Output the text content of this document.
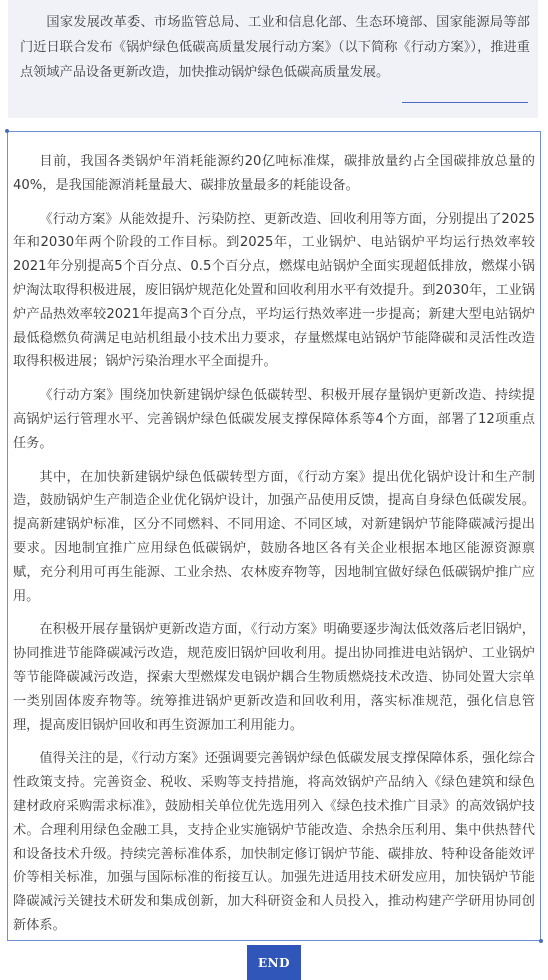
国家发展改革委、市场监管总局、工业和信息化部、生态环境部、国家能源局等部门近日联合发布《锅炉绿色低碳高质量发展行动方案》（以下简称《行动方案》），推进重点领域产品设备更新改造，加快推动锅炉绿色低碳高质量发展。

目前，我国各类锅炉年消耗能源约20亿吨标准煤，碳排放量约占全国碳排放总量的40%，是我国能源消耗量最大、碳排放量最多的耗能设备。

《行动方案》从能效提升、污染防控、更新改造、回收利用等方面，分别提出了2025年和2030年两个阶段的工作目标。到2025年，工业锅炉、电站锅炉平均运行热效率较2021年分别提高5个百分点、0.5个百分点，燃煤电站锅炉全面实现超低排放，燃煤小锅炉淘汰取得积极进展，废旧锅炉规范化处置和回收利用水平有效提升。到2030年，工业锅炉产品热效率较2021年提高3个百分点，平均运行热效率进一步提高；新建大型电站锅炉最低稳燃负荷满足电站机组最小技术出力要求，存量燃煤电站锅炉节能降碳和灵活性改造取得积极进展；锅炉污染治理水平全面提升。

《行动方案》围绕加快新建锅炉绿色低碳转型、积极开展存量锅炉更新改造、持续提高锅炉运行管理水平、完善锅炉绿色低碳发展支撑保障体系等4个方面，部署了12项重点任务。

其中，在加快新建锅炉绿色低碳转型方面，《行动方案》提出优化锅炉设计和生产制造，鼓励锅炉生产制造企业优化锅炉设计，加强产品使用反馈，提高自身绿色低碳发展。提高新建锅炉标准，区分不同燃料、不同用途、不同区域，对新建锅炉节能降碳减污提出要求。因地制宜推广应用绿色低碳锅炉，鼓励各地区各有关企业根据本地区能源资源禀赋，充分利用可再生能源、工业余热、农林废弃物等，因地制宜做好绿色低碳锅炉推广应用。

在积极开展存量锅炉更新改造方面，《行动方案》明确要逐步淘汰低效落后老旧锅炉，协同推进节能降碳减污改造，规范废旧锅炉回收利用。提出协同推进电站锅炉、工业锅炉等节能降碳减污改造，探索大型燃煤发电锅炉耦合生物质燃烧技术改造、协同处置大宗单一类别固体废弃物等。统筹推进锅炉更新改造和回收利用，落实标准规范，强化信息管理，提高废旧锅炉回收和再生资源加工利用能力。

值得关注的是，《行动方案》还强调要完善锅炉绿色低碳发展支撑保障体系，强化综合性政策支持。完善资金、税收、采购等支持措施，将高效锅炉产品纳入《绿色建筑和绿色建材政府采购需求标准》，鼓励相关单位优先选用列入《绿色技术推广目录》的高效锅炉技术。合理利用绿色金融工具，支持企业实施锅炉节能改造、余热余压利用、集中供热替代和设备技术升级。持续完善标准体系，加快制定修订锅炉节能、碳排放、特种设备能效评价等相关标准，加强与国际标准的衔接互认。加强先进适用技术研发应用，加快锅炉节能降碳减污关键技术研发和集成创新，加大科研资金和人员投入，推动构建产学研用协同创新体系。

END
